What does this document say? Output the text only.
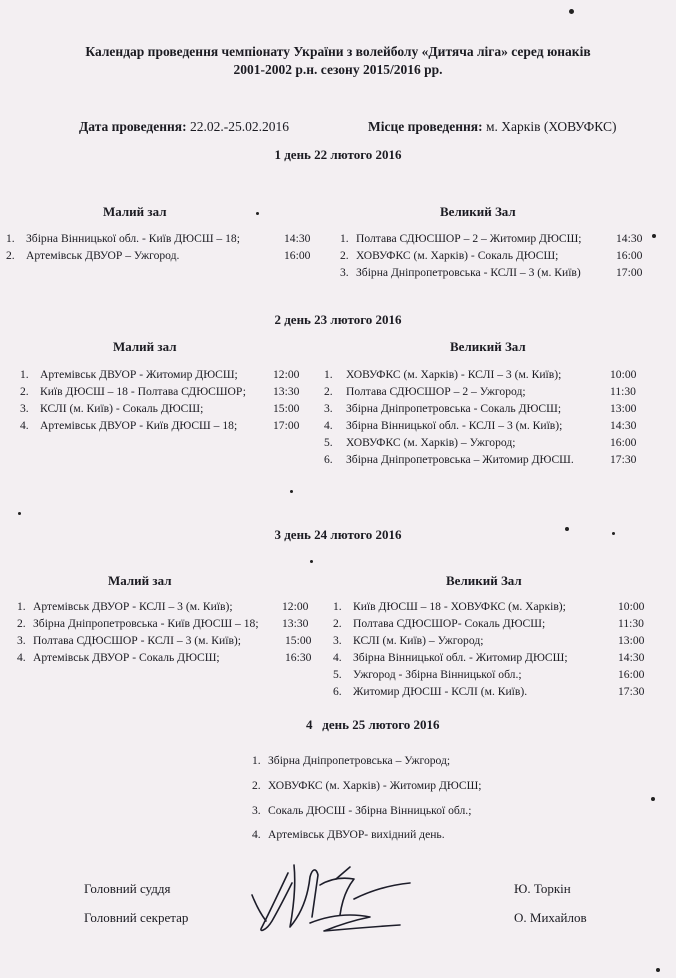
Календар проведення чемпіонату України з волейболу «Дитяча ліга» серед юнаків
2001-2002 р.н. сезону 2015/2016 рр.
Дата проведення: 22.02.-25.02.2016	Місце проведення: м. Харків (ХОВУФКС)
1 день 22 лютого 2016
Малий зал
1. Збірна Вінницької обл. - Київ ДЮСШ – 18;	14:30
2. Артемівськ ДВУОР – Ужгород.	16:00
Великий Зал
1. Полтава СДЮСШОР – 2 – Житомир ДЮСШ;	14:30
2. ХОВУФКС (м. Харків) - Сокаль ДЮСШ;	16:00
3. Збірна Дніпропетровська - КСЛІ – 3 (м. Київ)	17:00
2 день 23 лютого 2016
Малий зал
1. Артемівськ ДВУОР - Житомир ДЮСШ;	12:00
2. Київ ДЮСШ – 18 - Полтава СДЮСШОР; 13:30
3. КСЛІ (м. Київ) - Сокаль ДЮСШ;	15:00
4. Артемівськ ДВУОР - Київ ДЮСШ – 18;	17:00
Великий Зал
1. ХОВУФКС (м. Харків) - КСЛІ – 3 (м. Київ);	10:00
2. Полтава СДЮСШОР – 2 – Ужгород;	11:30
3. Збірна Дніпропетровська - Сокаль ДЮСШ;	13:00
4. Збірна Вінницької обл. - КСЛІ – 3 (м. Київ);	14:30
5. ХОВУФКС (м. Харків) – Ужгород;	16:00
6. Збірна Дніпропетровська – Житомир ДЮСШ.	17:30
3 день 24 лютого 2016
Малий зал
1. Артемівськ ДВУОР - КСЛІ – 3 (м. Київ);	12:00
2. Збірна Дніпропетровська - Київ ДЮСШ – 18; 13:30
3. Полтава СДЮСШОР - КСЛІ – 3 (м. Київ);	15:00
4. Артемівськ ДВУОР - Сокаль ДЮСШ;	16:30
Великий Зал
1. Київ ДЮСШ – 18 - ХОВУФКС (м. Харків);	10:00
2. Полтава СДЮСШОР- Сокаль ДЮСШ;	11:30
3. КСЛІ (м. Київ) – Ужгород;	13:00
4. Збірна Вінницької обл. - Житомир ДЮСШ;	14:30
5. Ужгород - Збірна Вінницької обл.;	16:00
6. Житомир ДЮСШ - КСЛІ (м. Київ).	17:30
4   день 25 лютого 2016
1. Збірна Дніпропетровська – Ужгород;
2. ХОВУФКС (м. Харків) - Житомир ДЮСШ;
3. Сокаль ДЮСШ - Збірна Вінницької обл.;
4. Артемівськ ДВУОР- вихідний день.
Головний суддя
Головний секретар
Ю. Торкін
О. Михайлов
